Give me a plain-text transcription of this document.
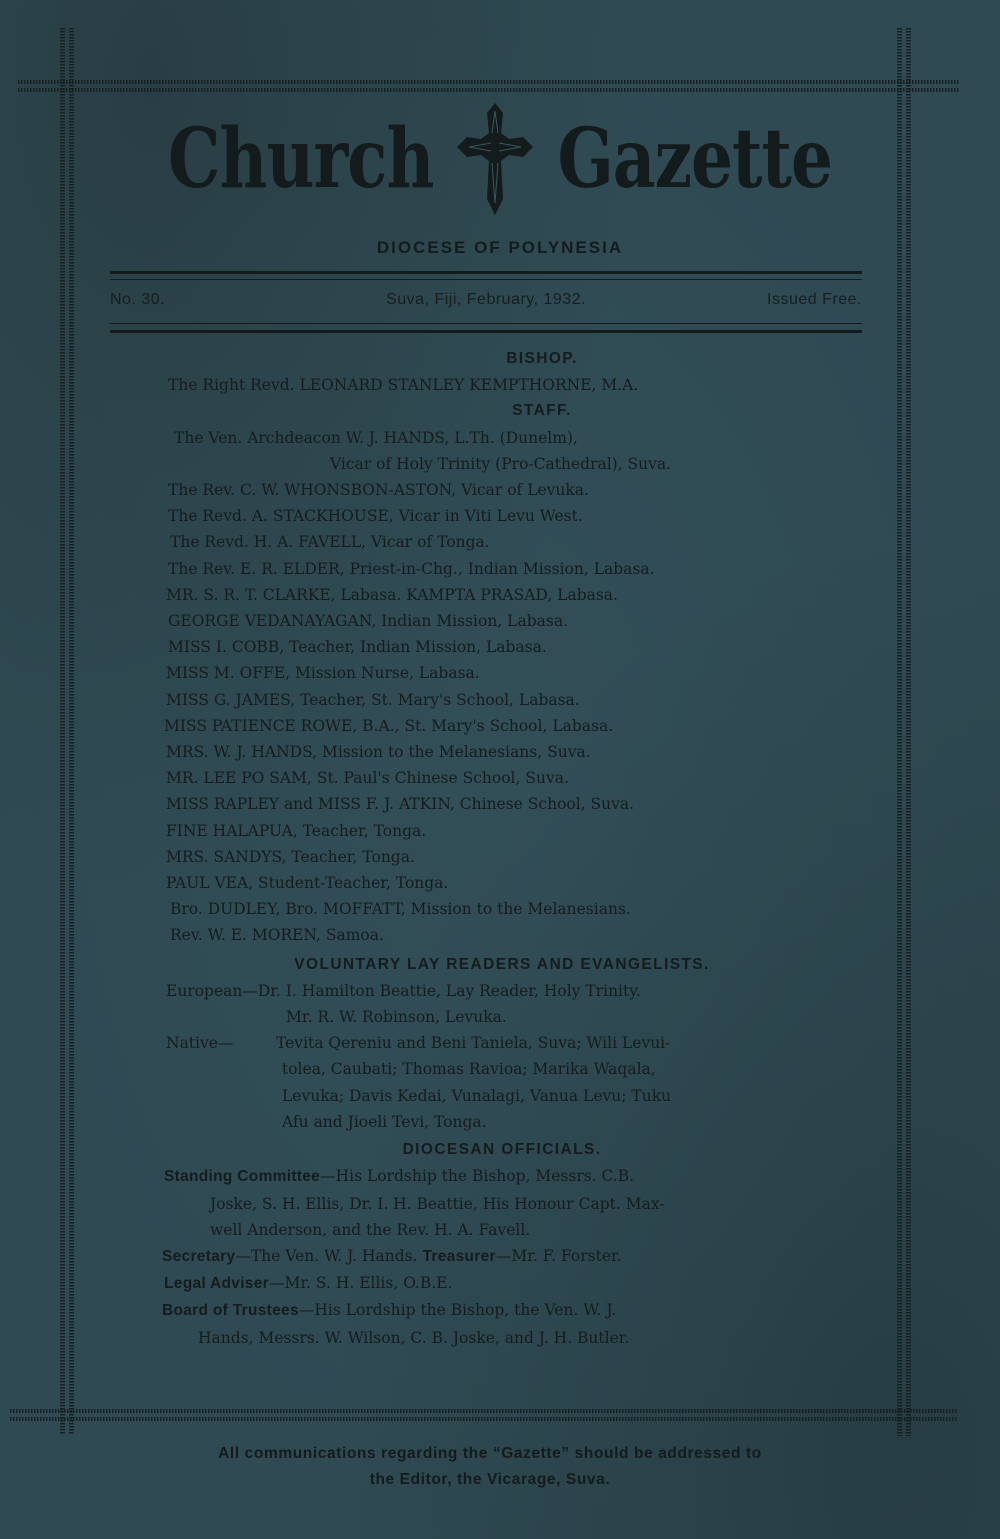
Church Gazette
DIOCESE OF POLYNESIA
No. 30.	Suva, Fiji, February, 1932.	Issued Free.
BISHOP.
The Right Revd. LEONARD STANLEY KEMPTHORNE, M.A.
STAFF.
The Ven. Archdeacon W. J. HANDS, L.Th. (Dunelm),
Vicar of Holy Trinity (Pro-Cathedral), Suva.
The Rev. C. W. WHONSBON-ASTON, Vicar of Levuka.
The Revd. A. STACKHOUSE, Vicar in Viti Levu West.
The Revd. H. A. FAVELL, Vicar of Tonga.
The Rev. E. R. ELDER, Priest-in-Chg., Indian Mission, Labasa.
MR. S. R. T. CLARKE, Labasa. KAMPTA PRASAD, Labasa.
GEORGE VEDANAYAGAN, Indian Mission, Labasa.
MISS I. COBB, Teacher, Indian Mission, Labasa.
MISS M. OFFE, Mission Nurse, Labasa.
MISS G. JAMES, Teacher, St. Mary's School, Labasa.
MISS PATIENCE ROWE, B.A., St. Mary's School, Labasa.
MRS. W. J. HANDS, Mission to the Melanesians, Suva.
MR. LEE PO SAM, St. Paul's Chinese School, Suva.
MISS RAPLEY and MISS F. J. ATKIN, Chinese School, Suva.
FINE HALAPUA, Teacher, Tonga.
MRS. SANDYS, Teacher, Tonga.
PAUL VEA, Student-Teacher, Tonga.
Bro. DUDLEY, Bro. MOFFATT, Mission to the Melanesians.
Rev. W. E. MOREN, Samoa.
VOLUNTARY LAY READERS AND EVANGELISTS.
European—Dr. I. Hamilton Beattie, Lay Reader, Holy Trinity.
Mr. R. W. Robinson, Levuka.
Native—	Tevita Qereniu and Beni Taniela, Suva; Wili Levui-
tolea, Caubati; Thomas Ravioa; Marika Waqala,
Levuka; Davis Kedai, Vunalagi, Vanua Levu; Tuku
Afu and Jioeli Tevi, Tonga.
DIOCESAN OFFICIALS.
Standing Committee—His Lordship the Bishop, Messrs. C.B.
Joske, S. H. Ellis, Dr. I. H. Beattie, His Honour Capt. Max-
well Anderson, and the Rev. H. A. Favell.
Secretary—The Ven. W. J. Hands. Treasurer—Mr. F. Forster.
Legal Adviser—Mr. S. H. Ellis, O.B.E.
Board of Trustees—His Lordship the Bishop, the Ven. W. J.
Hands, Messrs. W. Wilson, C. B. Joske, and J. H. Butler.
All communications regarding the “Gazette” should be addressed to
the Editor, the Vicarage, Suva.
